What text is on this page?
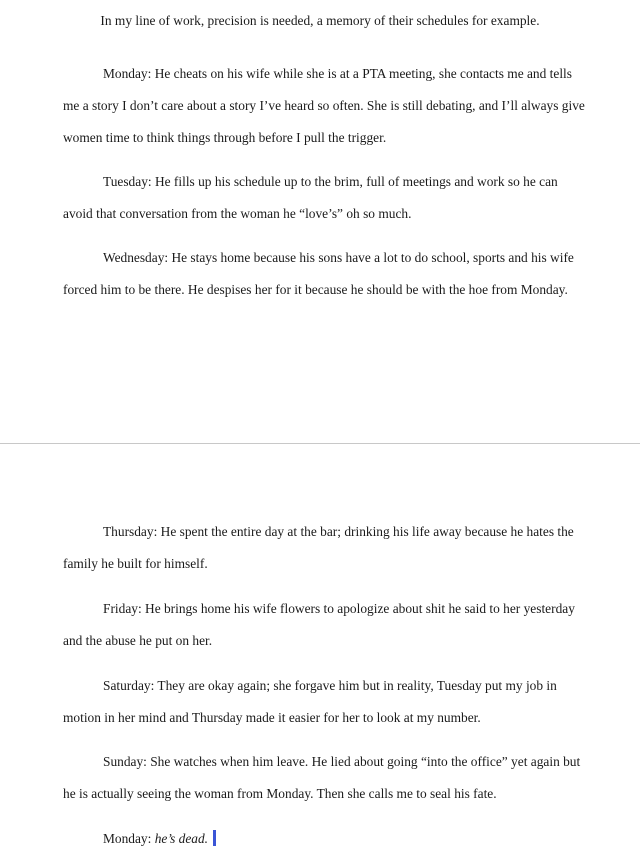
In my line of work, precision is needed, a memory of their schedules for example.
Monday: He cheats on his wife while she is at a PTA meeting, she contacts me and tells
me a story I don’t care about a story I’ve heard so often. She is still debating, and I’ll always give
women time to think things through before I pull the trigger.
Tuesday: He fills up his schedule up to the brim, full of meetings and work so he can
avoid that conversation from the woman he “love’s” oh so much.
Wednesday: He stays home because his sons have a lot to do school, sports and his wife
forced him to be there. He despises her for it because he should be with the hoe from Monday.
Thursday: He spent the entire day at the bar; drinking his life away because he hates the
family he built for himself.
Friday: He brings home his wife flowers to apologize about shit he said to her yesterday
and the abuse he put on her.
Saturday: They are okay again; she forgave him but in reality, Tuesday put my job in
motion in her mind and Thursday made it easier for her to look at my number.
Sunday: She watches when him leave. He lied about going “into the office” yet again but
he is actually seeing the woman from Monday. Then she calls me to seal his fate.
Monday: he’s dead.
